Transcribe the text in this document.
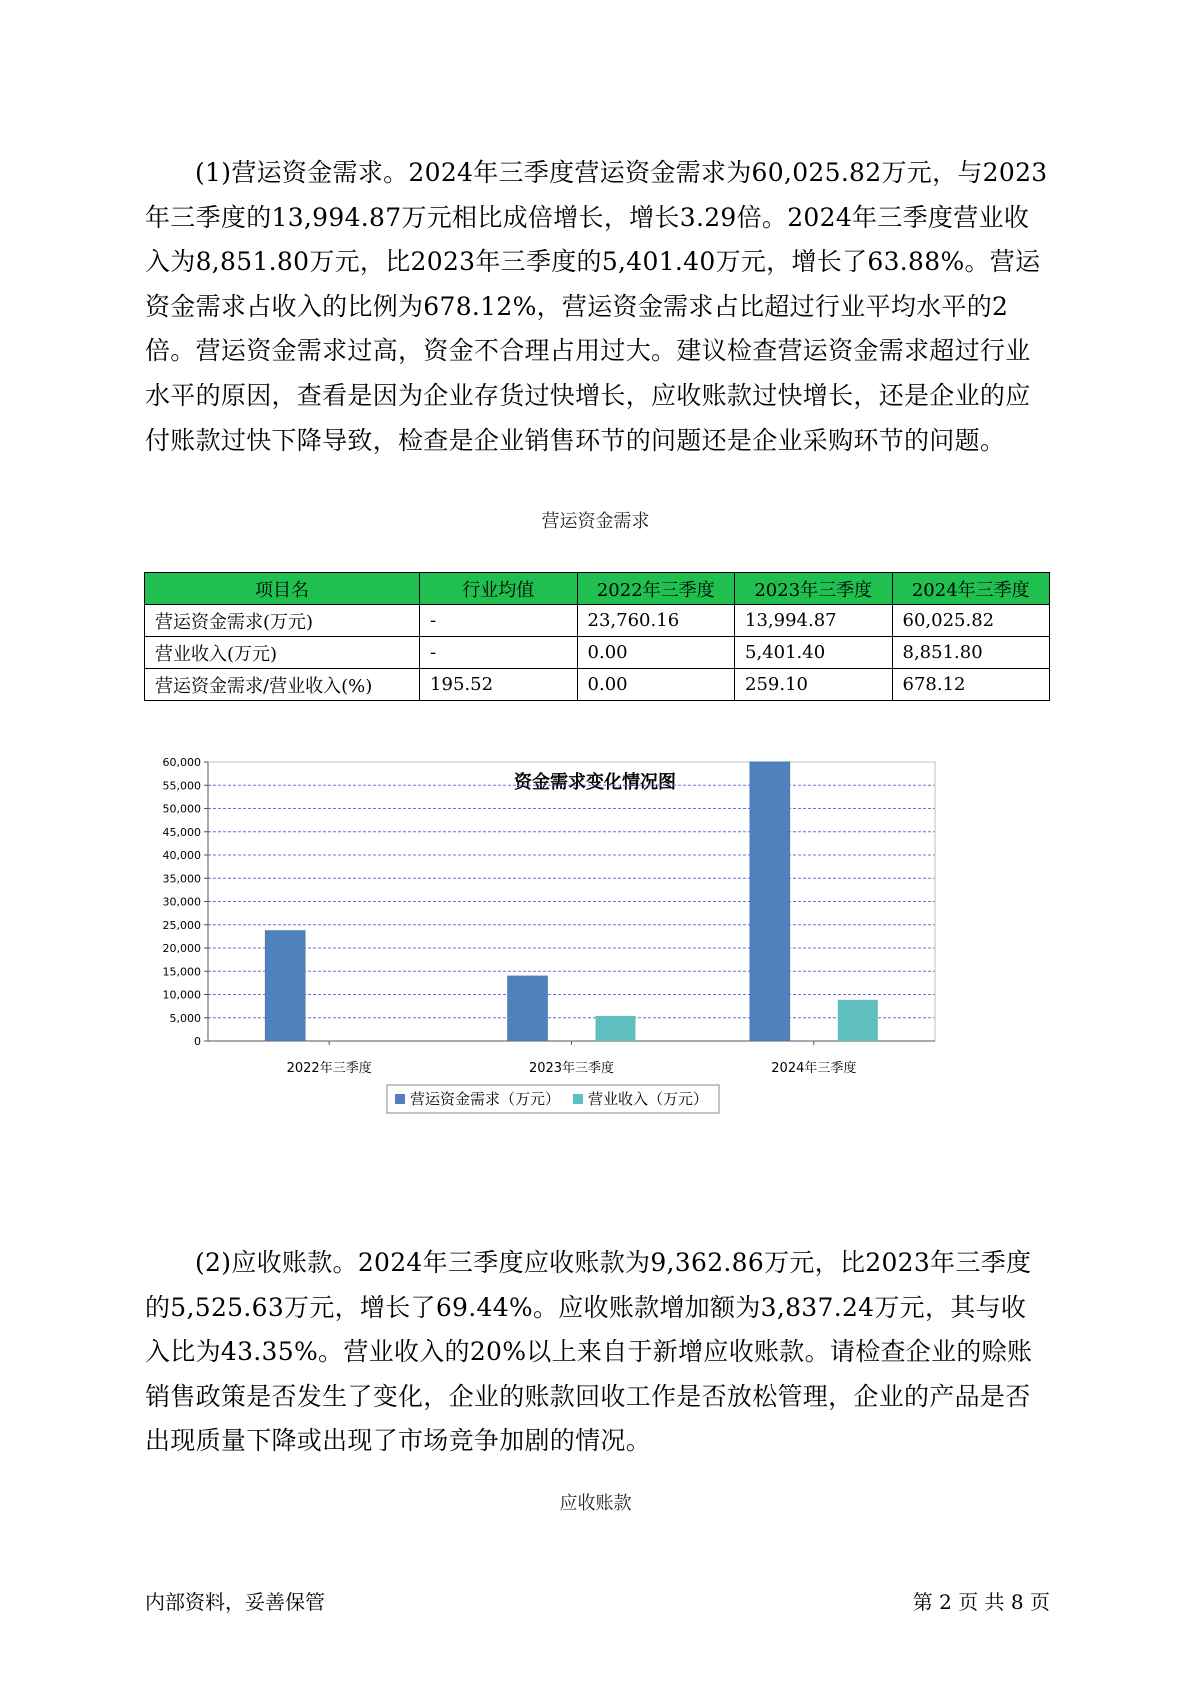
(1)营运资金需求。2024年三季度营运资金需求为60,025.82万元，与2023年三季度的13,994.87万元相比成倍增长，增长3.29倍。2024年三季度营业收入为8,851.80万元，比2023年三季度的5,401.40万元，增长了63.88%。营运资金需求占收入的比例为678.12%，营运资金需求占比超过行业平均水平的2倍。营运资金需求过高，资金不合理占用过大。建议检查营运资金需求超过行业水平的原因，查看是因为企业存货过快增长，应收账款过快增长，还是企业的应付账款过快下降导致，检查是企业销售环节的问题还是企业采购环节的问题。

营运资金需求
项目名	行业均值	2022年三季度	2023年三季度	2024年三季度
营运资金需求(万元)	-	23,760.16	13,994.87	60,025.82
营业收入(万元)	-	0.00	5,401.40	8,851.80
营运资金需求/营业收入(%)	195.52	0.00	259.10	678.12
资金需求变化情况图
0
5,000
10,000
15,000
20,000
25,000
30,000
35,000
40,000
45,000
50,000
55,000
60,000
2022年三季度	2023年三季度	2024年三季度
营运资金需求（万元） 营业收入（万元）

(2)应收账款。2024年三季度应收账款为9,362.86万元，比2023年三季度的5,525.63万元，增长了69.44%。应收账款增加额为3,837.24万元，其与收入比为43.35%。营业收入的20%以上来自于新增应收账款。请检查企业的赊账销售政策是否发生了变化，企业的账款回收工作是否放松管理，企业的产品是否出现质量下降或出现了市场竞争加剧的情况。

应收账款
内部资料，妥善保管	第 2 页 共 8 页
